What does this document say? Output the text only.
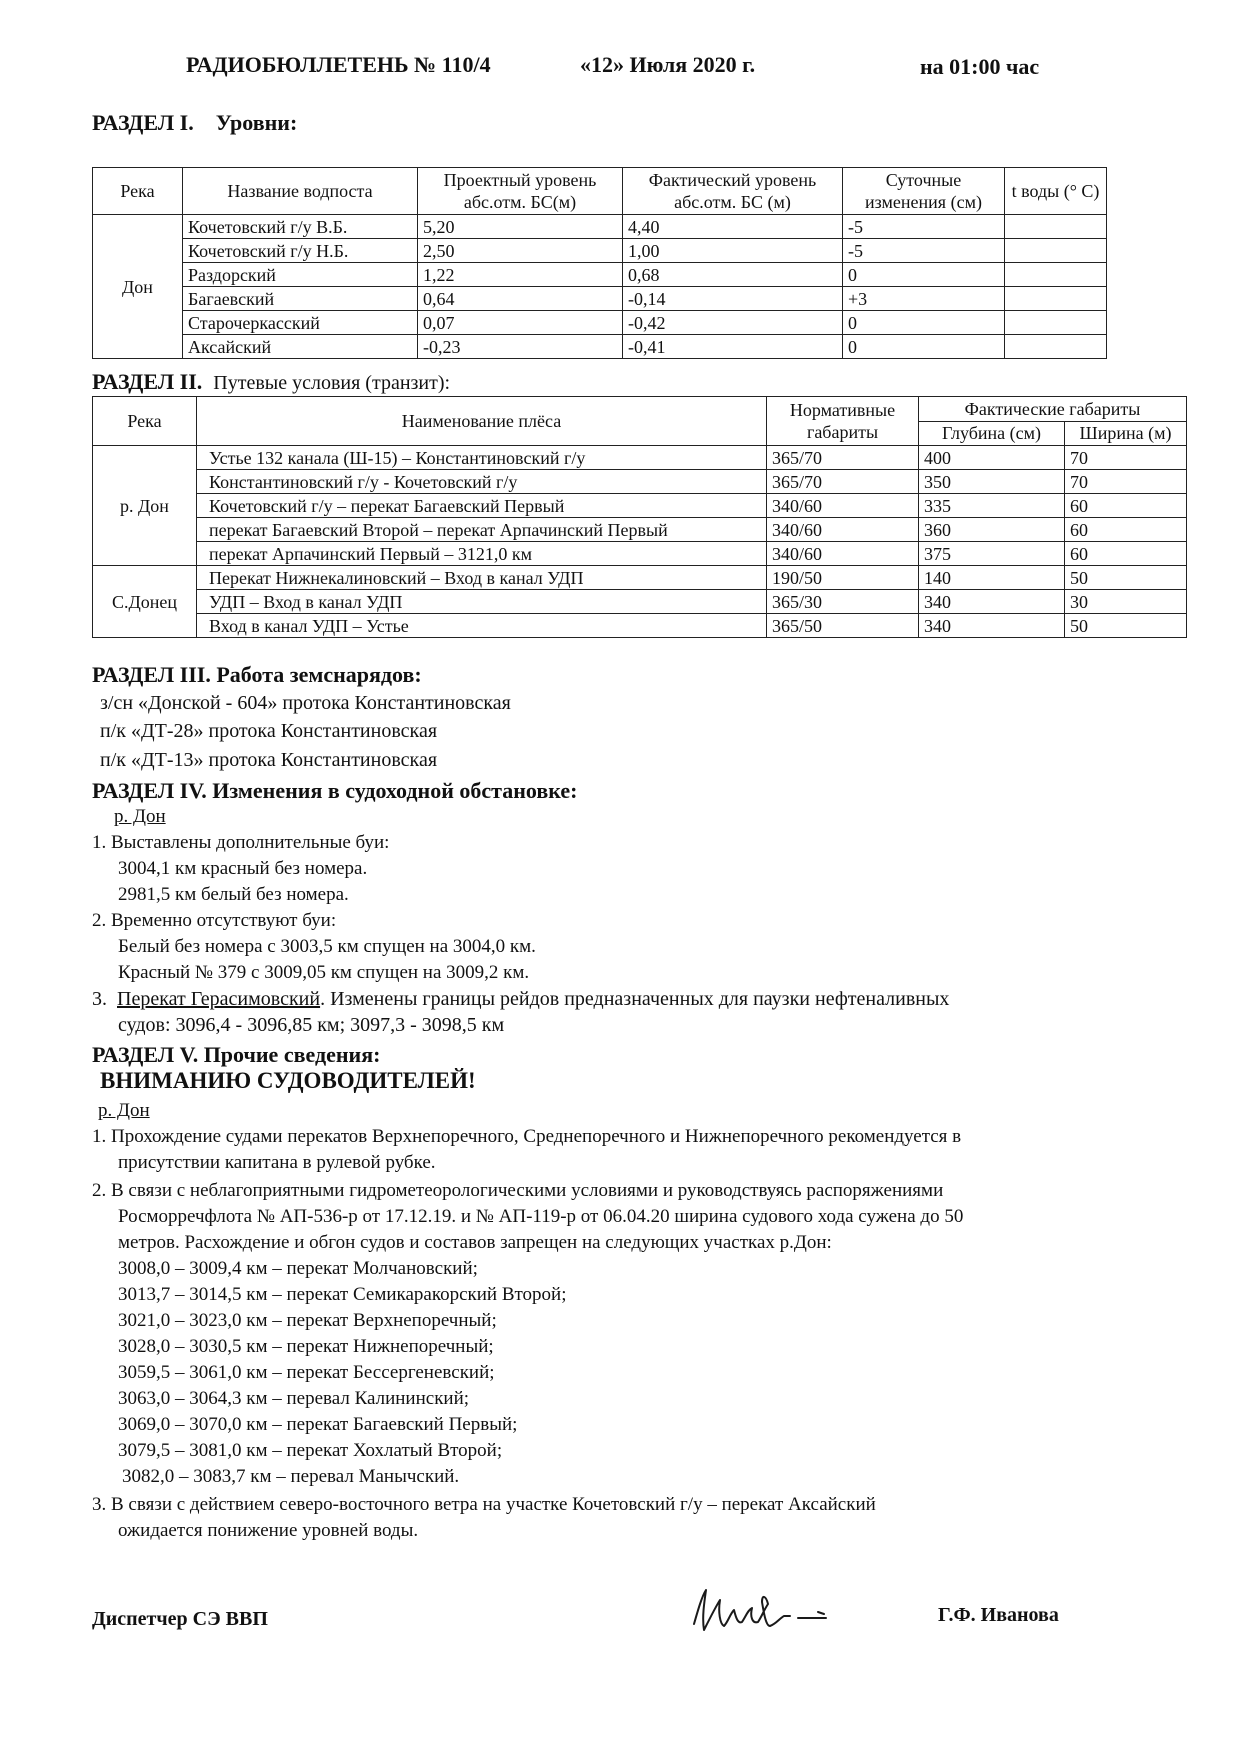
РАДИОБЮЛЛЕТЕНЬ № 110/4	«12» Июля 2020 г.	на 01:00 час
РАЗДЕЛ I. Уровни:
Река	Название водпоста	Проектный уровень абс.отм. БС(м)	Фактический уровень абс.отм. БС (м)	Суточные изменения (см)	t воды (° С)
Дон	Кочетовский г/у В.Б.	5,20	4,40	-5	
	Кочетовский г/у Н.Б.	2,50	1,00	-5	
	Раздорский	1,22	0,68	0	
	Багаевский	0,64	-0,14	+3	
	Старочеркасский	0,07	-0,42	0	
	Аксайский	-0,23	-0,41	0	
РАЗДЕЛ II. Путевые условия (транзит):
Река	Наименование плёса	Нормативные габариты	Фактические габариты	
			Глубина (см)	Ширина (м)
р. Дон	Устье 132 канала (Ш-15) – Константиновский г/у	365/70	400	70
	Константиновский г/у - Кочетовский г/у	365/70	350	70
	Кочетовский г/у – перекат Багаевский Первый	340/60	335	60
	перекат Багаевский Второй – перекат Арпачинский Первый	340/60	360	60
	перекат Арпачинский Первый – 3121,0 км	340/60	375	60
С.Донец	Перекат Нижнекалиновский – Вход в канал УДП	190/50	140	50
	УДП – Вход в канал УДП	365/30	340	30
	Вход в канал УДП – Устье	365/50	340	50
РАЗДЕЛ III. Работа земснарядов:
з/сн «Донской - 604» протока Константиновская
п/к «ДТ-28» протока Константиновская
п/к «ДТ-13» протока Константиновская
РАЗДЕЛ IV. Изменения в судоходной обстановке:
р. Дон
1. Выставлены дополнительные буи:
3004,1 км красный без номера.
2981,5 км белый без номера.
2. Временно отсутствуют буи:
Белый без номера с 3003,5 км спущен на 3004,0 км.
Красный № 379 с 3009,05 км спущен на 3009,2 км.
3. Перекат Герасимовский. Изменены границы рейдов предназначенных для паузки нефтеналивных
судов: 3096,4 - 3096,85 км; 3097,3 - 3098,5 км
РАЗДЕЛ V. Прочие сведения:
ВНИМАНИЮ СУДОВОДИТЕЛЕЙ!
р. Дон
1. Прохождение судами перекатов Верхнепоречного, Среднепоречного и Нижнепоречного рекомендуется в
присутствии капитана в рулевой рубке.
2. В связи с неблагоприятными гидрометеорологическими условиями и руководствуясь распоряжениями
Росморречфлота № АП-536-р от 17.12.19. и № АП-119-р от 06.04.20 ширина судового хода сужена до 50
метров. Расхождение и обгон судов и составов запрещен на следующих участках р.Дон:
3008,0 – 3009,4 км – перекат Молчановский;
3013,7 – 3014,5 км – перекат Семикаракорский Второй;
3021,0 – 3023,0 км – перекат Верхнепоречный;
3028,0 – 3030,5 км – перекат Нижнепоречный;
3059,5 – 3061,0 км – перекат Бессергеневский;
3063,0 – 3064,3 км – перевал Калининский;
3069,0 – 3070,0 км – перекат Багаевский Первый;
3079,5 – 3081,0 км – перекат Хохлатый Второй;
3082,0 – 3083,7 км – перевал Манычский.
3. В связи с действием северо-восточного ветра на участке Кочетовский г/у – перекат Аксайский
ожидается понижение уровней воды.
Диспетчер СЭ ВВП	Г.Ф. Иванова
